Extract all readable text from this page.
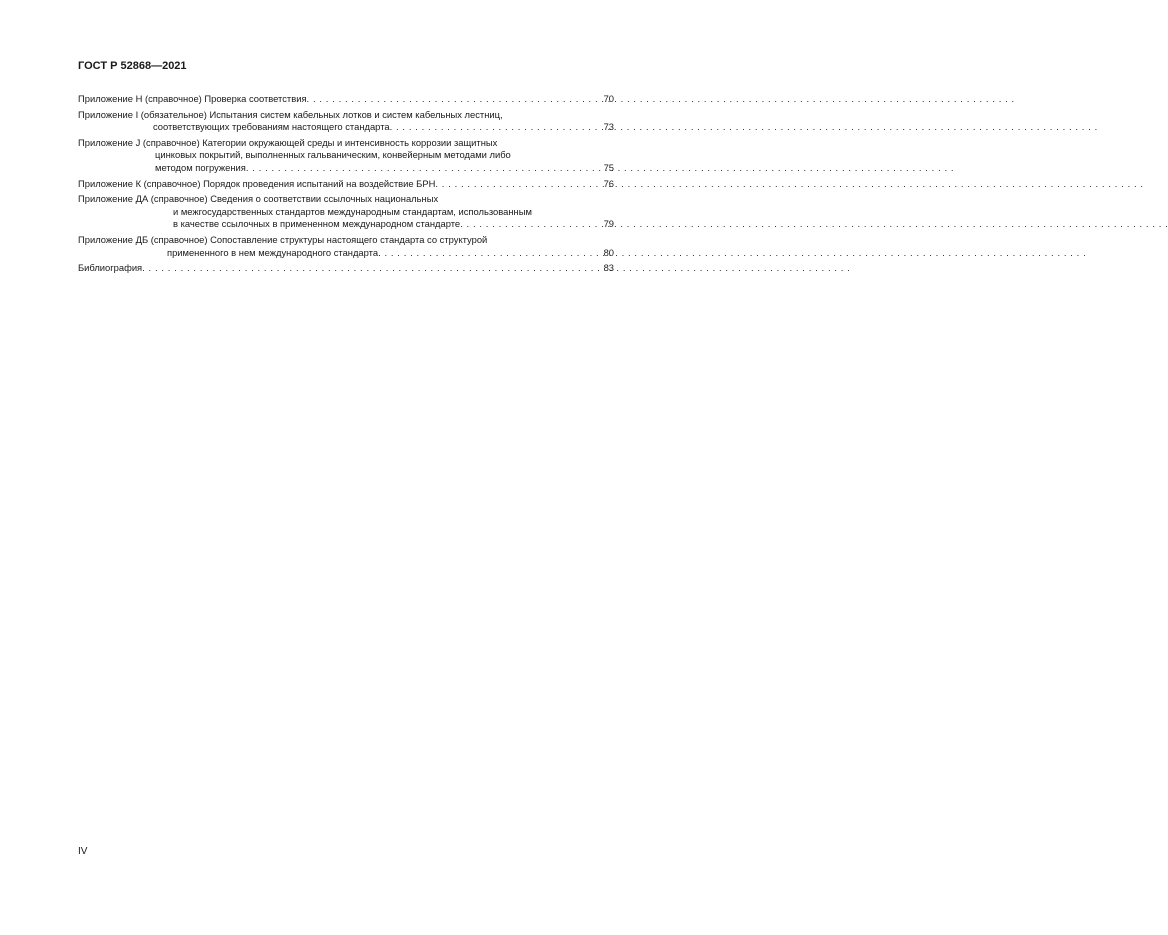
ГОСТ Р 52868—2021
Приложение Н (справочное) Проверка соответствия . . .	70
Приложение I (обязательное) Испытания систем кабельных лотков и систем кабельных лестниц,
соответствующих требованиям настоящего стандарта . . .	73
Приложение J (справочное) Категории окружающей среды и интенсивность коррозии защитных
цинковых покрытий, выполненных гальваническим, конвейерным методами либо
методом погружения . . .	75
Приложение К (справочное) Порядок проведения испытаний на воздействие БРН . . .	76
Приложение ДА (справочное) Сведения о соответствии ссылочных национальных
и межгосударственных стандартов международным стандартам, использованным
в качестве ссылочных в примененном международном стандарте . . .	79
Приложение ДБ (справочное) Сопоставление структуры настоящего стандарта со структурой
примененного в нем международного стандарта . . .	80
Библиография . . .	83
IV
